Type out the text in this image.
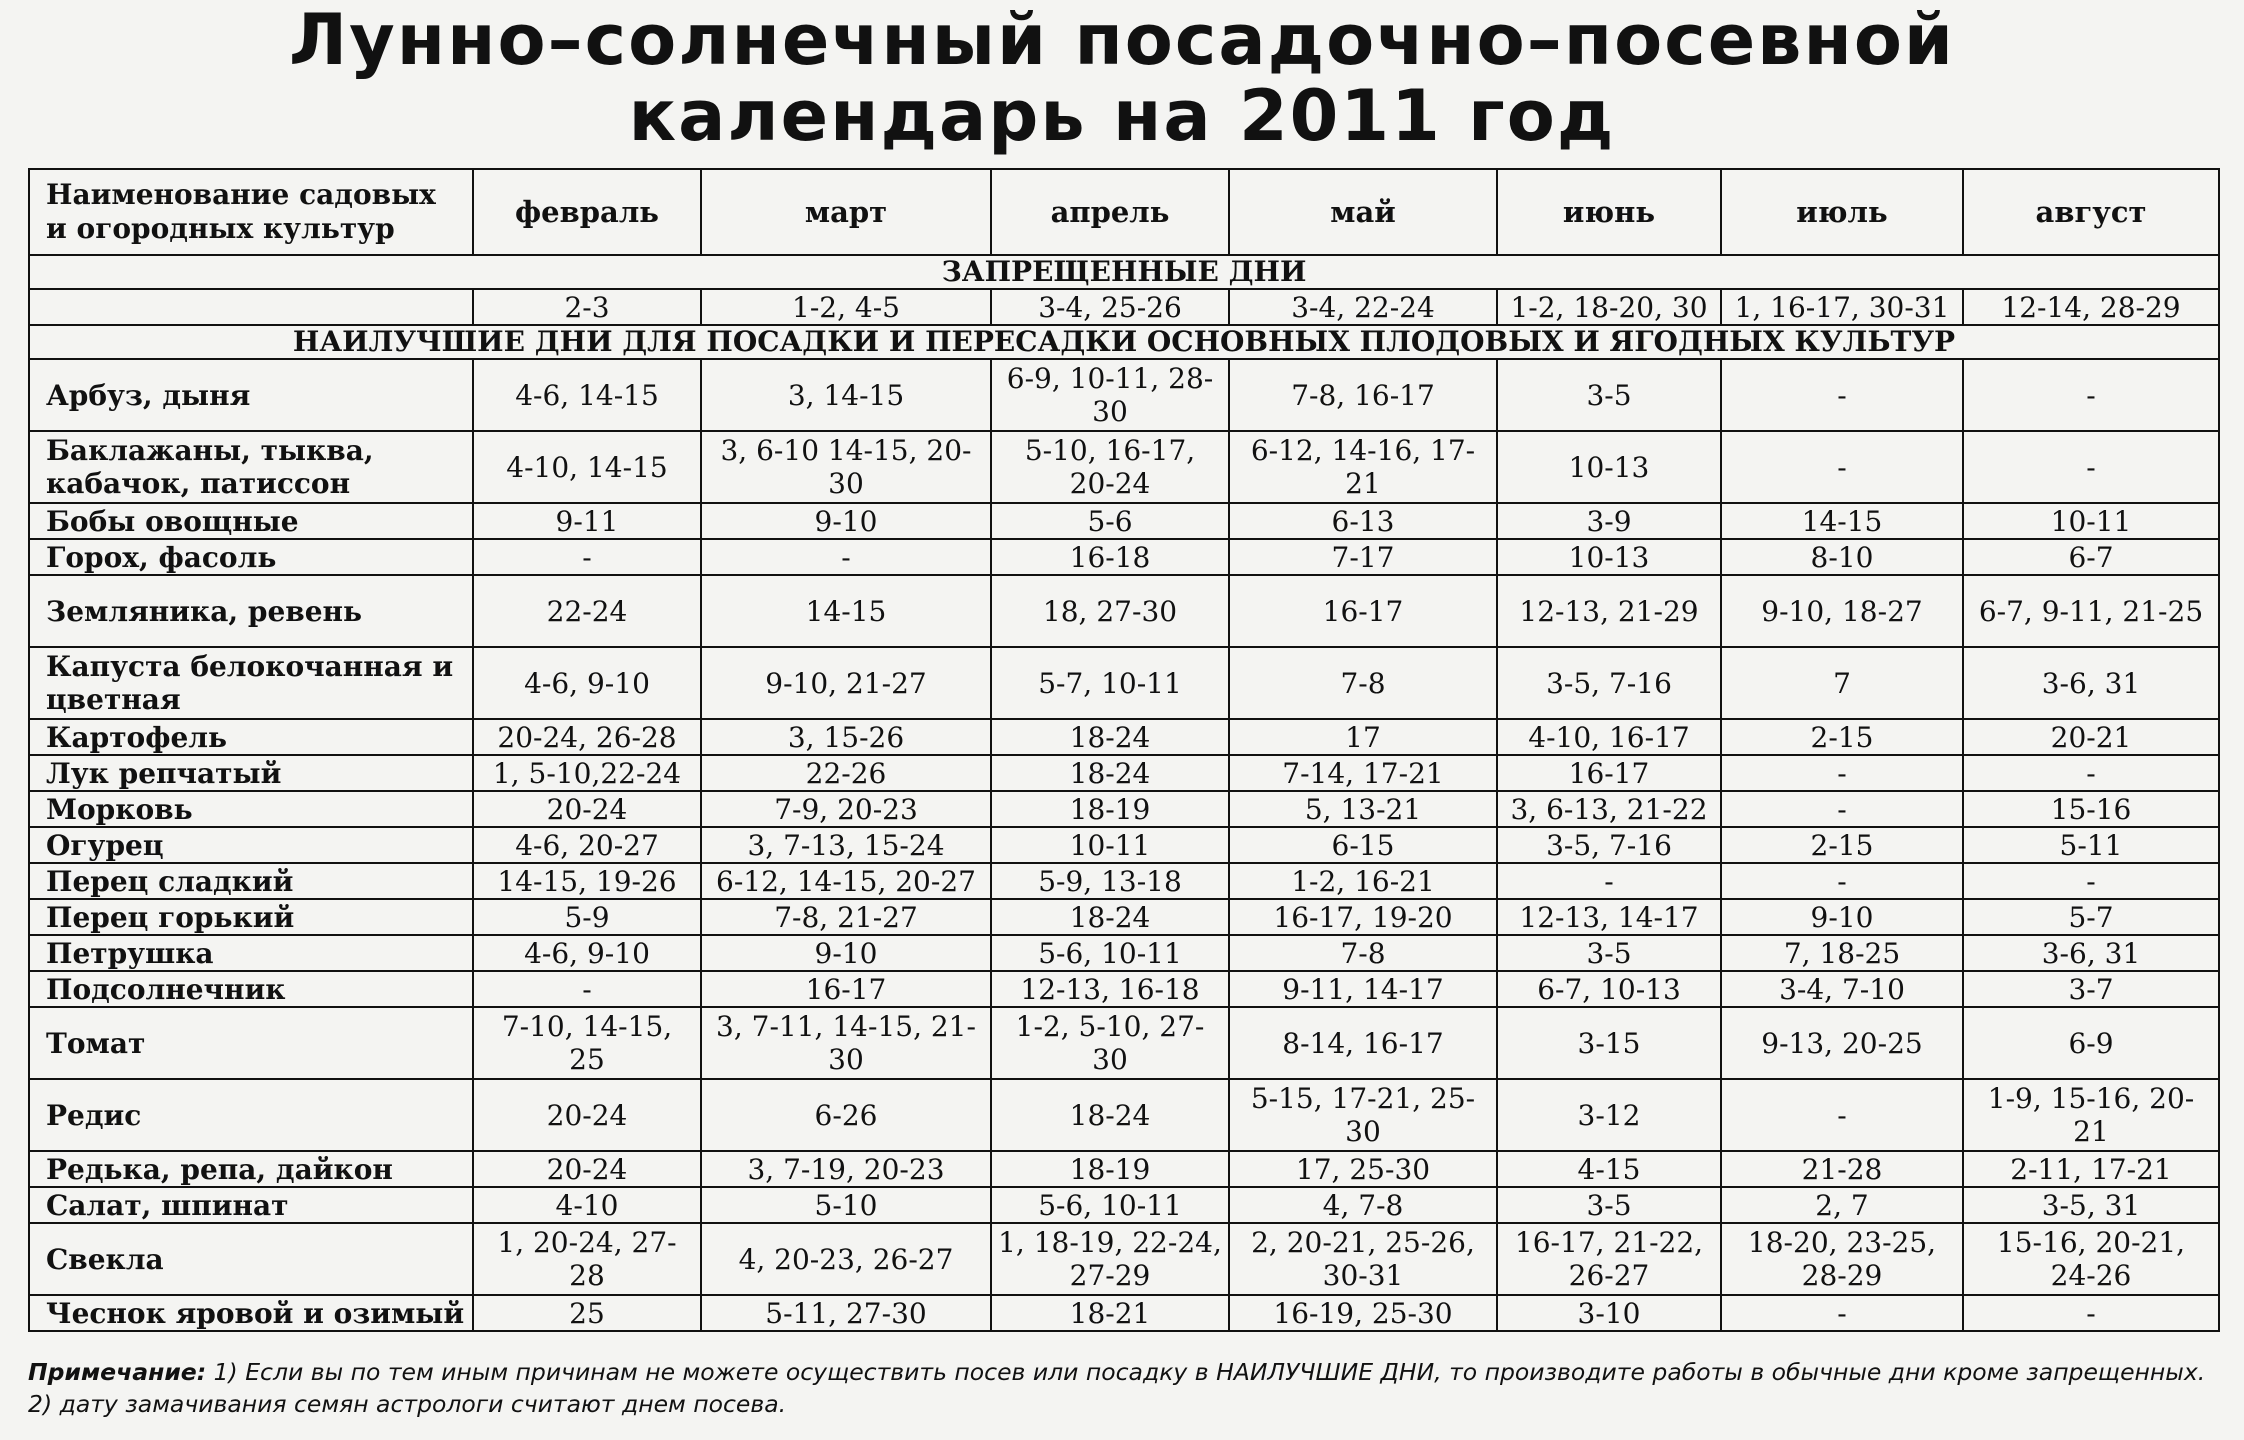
Лунно–солнечный посадочно–посевной
календарь на 2011 год
Наименование садовых и огородных культур	февраль	март	апрель	май	июнь	июль	август
ЗАПРЕЩЕННЫЕ ДНИ							
	2-3	1-2, 4-5	3-4, 25-26	3-4, 22-24	1-2, 18-20, 30	1, 16-17, 30-31	12-14, 28-29
НАИЛУЧШИЕ ДНИ ДЛЯ ПОСАДКИ И ПЕРЕСАДКИ ОСНОВНЫХ ПЛОДОВЫХ И ЯГОДНЫХ КУЛЬТУР							
Арбуз, дыня	4-6, 14-15	3, 14-15	6-9, 10-11, 28-30	7-8, 16-17	3-5	-	-
Баклажаны, тыква, кабачок, патиссон	4-10, 14-15	3, 6-10 14-15, 20-30	5-10, 16-17, 20-24	6-12, 14-16, 17-21	10-13	-	-
Бобы овощные	9-11	9-10	5-6	6-13	3-9	14-15	10-11
Горох, фасоль	-	-	16-18	7-17	10-13	8-10	6-7
Земляника, ревень	22-24	14-15	18, 27-30	16-17	12-13, 21-29	9-10, 18-27	6-7, 9-11, 21-25
Капуста белокочанная и цветная	4-6, 9-10	9-10, 21-27	5-7, 10-11	7-8	3-5, 7-16	7	3-6, 31
Картофель	20-24, 26-28	3, 15-26	18-24	17	4-10, 16-17	2-15	20-21
Лук репчатый	1, 5-10,22-24	22-26	18-24	7-14, 17-21	16-17	-	-
Морковь	20-24	7-9, 20-23	18-19	5, 13-21	3, 6-13, 21-22	-	15-16
Огурец	4-6, 20-27	3, 7-13, 15-24	10-11	6-15	3-5, 7-16	2-15	5-11
Перец сладкий	14-15, 19-26	6-12, 14-15, 20-27	5-9, 13-18	1-2, 16-21	-	-	-
Перец горький	5-9	7-8, 21-27	18-24	16-17, 19-20	12-13, 14-17	9-10	5-7
Петрушка	4-6, 9-10	9-10	5-6, 10-11	7-8	3-5	7, 18-25	3-6, 31
Подсолнечник	-	16-17	12-13, 16-18	9-11, 14-17	6-7, 10-13	3-4, 7-10	3-7
Томат	7-10, 14-15, 25	3, 7-11, 14-15, 21-30	1-2, 5-10, 27-30	8-14, 16-17	3-15	9-13, 20-25	6-9
Редис	20-24	6-26	18-24	5-15, 17-21, 25-30	3-12	-	1-9, 15-16, 20-21
Редька, репа, дайкон	20-24	3, 7-19, 20-23	18-19	17, 25-30	4-15	21-28	2-11, 17-21
Салат, шпинат	4-10	5-10	5-6, 10-11	4, 7-8	3-5	2, 7	3-5, 31
Свекла	1, 20-24, 27-28	4, 20-23, 26-27	1, 18-19, 22-24, 27-29	2, 20-21, 25-26, 30-31	16-17, 21-22, 26-27	18-20, 23-25, 28-29	15-16, 20-21, 24-26
Чеснок яровой и озимый	25	5-11, 27-30	18-21	16-19, 25-30	3-10	-	-
Примечание: 1) Если вы по тем иным причинам не можете осуществить посев или посадку в НАИЛУЧШИЕ ДНИ, то производите работы в обычные дни кроме запрещенных.
2) дату замачивания семян астрологи считают днем посева.
